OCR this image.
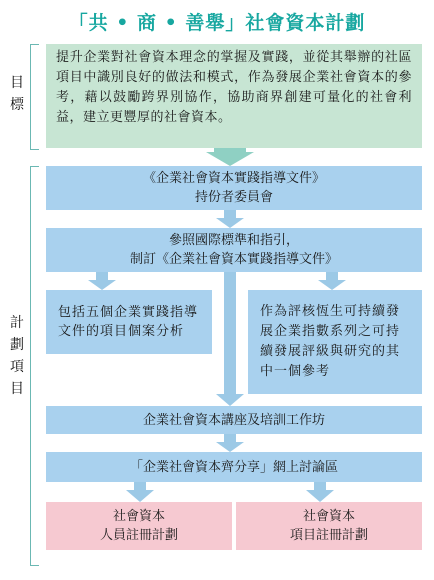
「共 • 商 • 善舉」社會資本計劃
目標
計劃項目
提升企業對社會資本理念的掌握及實踐，並從其舉辦的社區項目中識別良好的做法和模式，作為發展企業社會資本的參考，藉以鼓勵跨界別協作，協助商界創建可量化的社會利益，建立更豐厚的社會資本。
《企業社會資本實踐指導文件》
持份者委員會
參照國際標準和指引，
制訂《企業社會資本實踐指導文件》
包括五個企業實踐指導文件的項目個案分析
作為評核恆生可持續發展企業指數系列之可持續發展評級與研究的其中一個參考
企業社會資本講座及培訓工作坊
「企業社會資本齊分享」網上討論區
社會資本
人員註冊計劃
社會資本
項目註冊計劃
